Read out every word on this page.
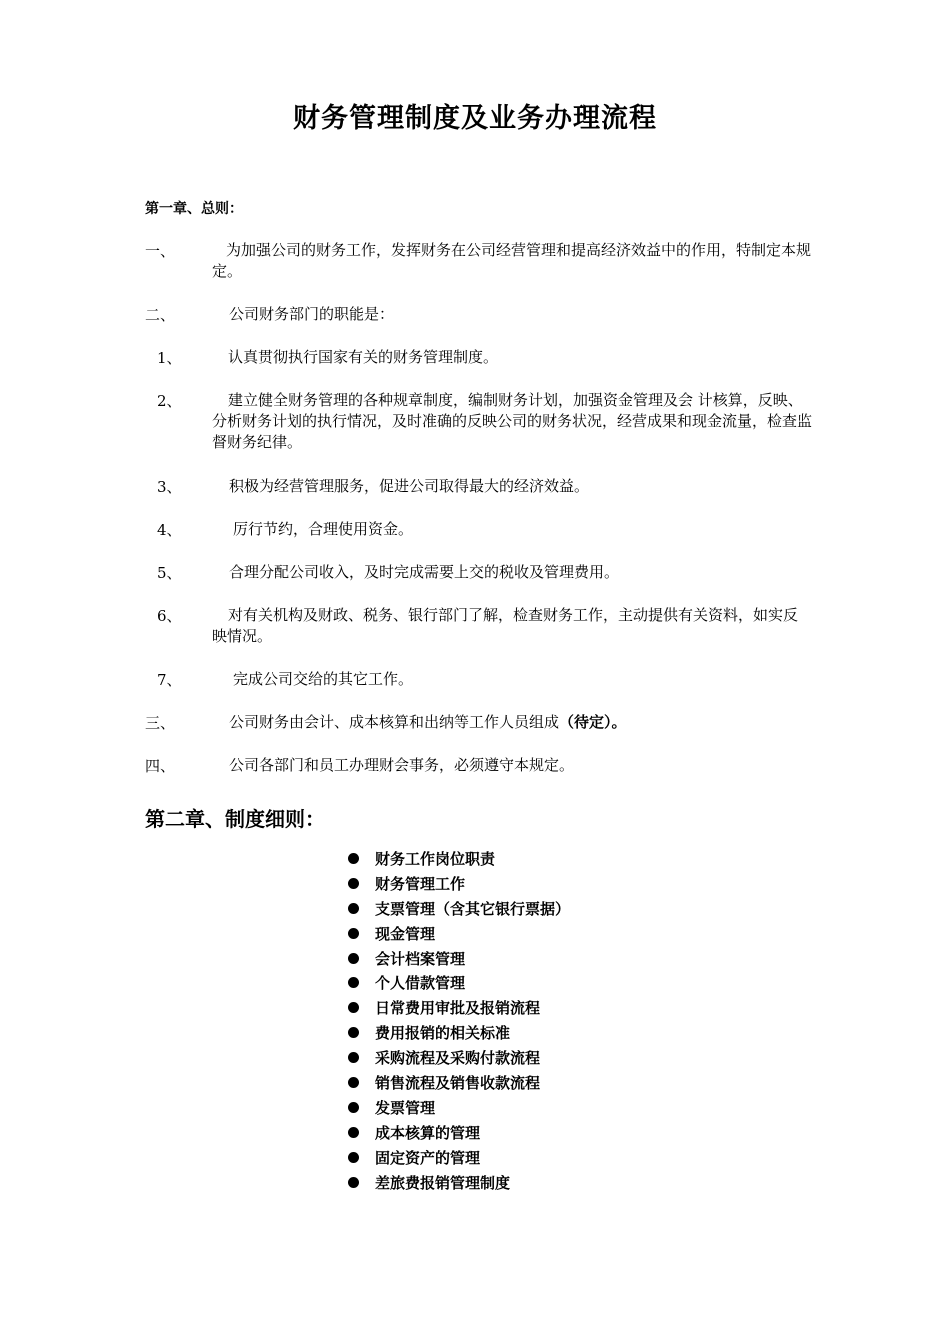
财务管理制度及业务办理流程
第一章、总则：
一、	为加强公司的财务工作，发挥财务在公司经营管理和提高经济效益中的作用，特制定本规定。
二、	公司财务部门的职能是：
1、	认真贯彻执行国家有关的财务管理制度。
2、	建立健全财务管理的各种规章制度，编制财务计划，加强资金管理及会 计核算，反映、分析财务计划的执行情况，及时准确的反映公司的财务状况，经营成果和现金流量，检查监督财务纪律。
3、	积极为经营管理服务，促进公司取得最大的经济效益。
4、	厉行节约，合理使用资金。
5、	合理分配公司收入，及时完成需要上交的税收及管理费用。
6、	对有关机构及财政、税务、银行部门了解，检查财务工作，主动提供有关资料，如实反映情况。
7、	完成公司交给的其它工作。
三、	公司财务由会计、成本核算和出纳等工作人员组成（待定）。
四、	公司各部门和员工办理财会事务，必须遵守本规定。
第二章、制度细则：
财务工作岗位职责
财务管理工作
支票管理（含其它银行票据）
现金管理
会计档案管理
个人借款管理
日常费用审批及报销流程
费用报销的相关标准
采购流程及采购付款流程
销售流程及销售收款流程
发票管理
成本核算的管理
固定资产的管理
差旅费报销管理制度
